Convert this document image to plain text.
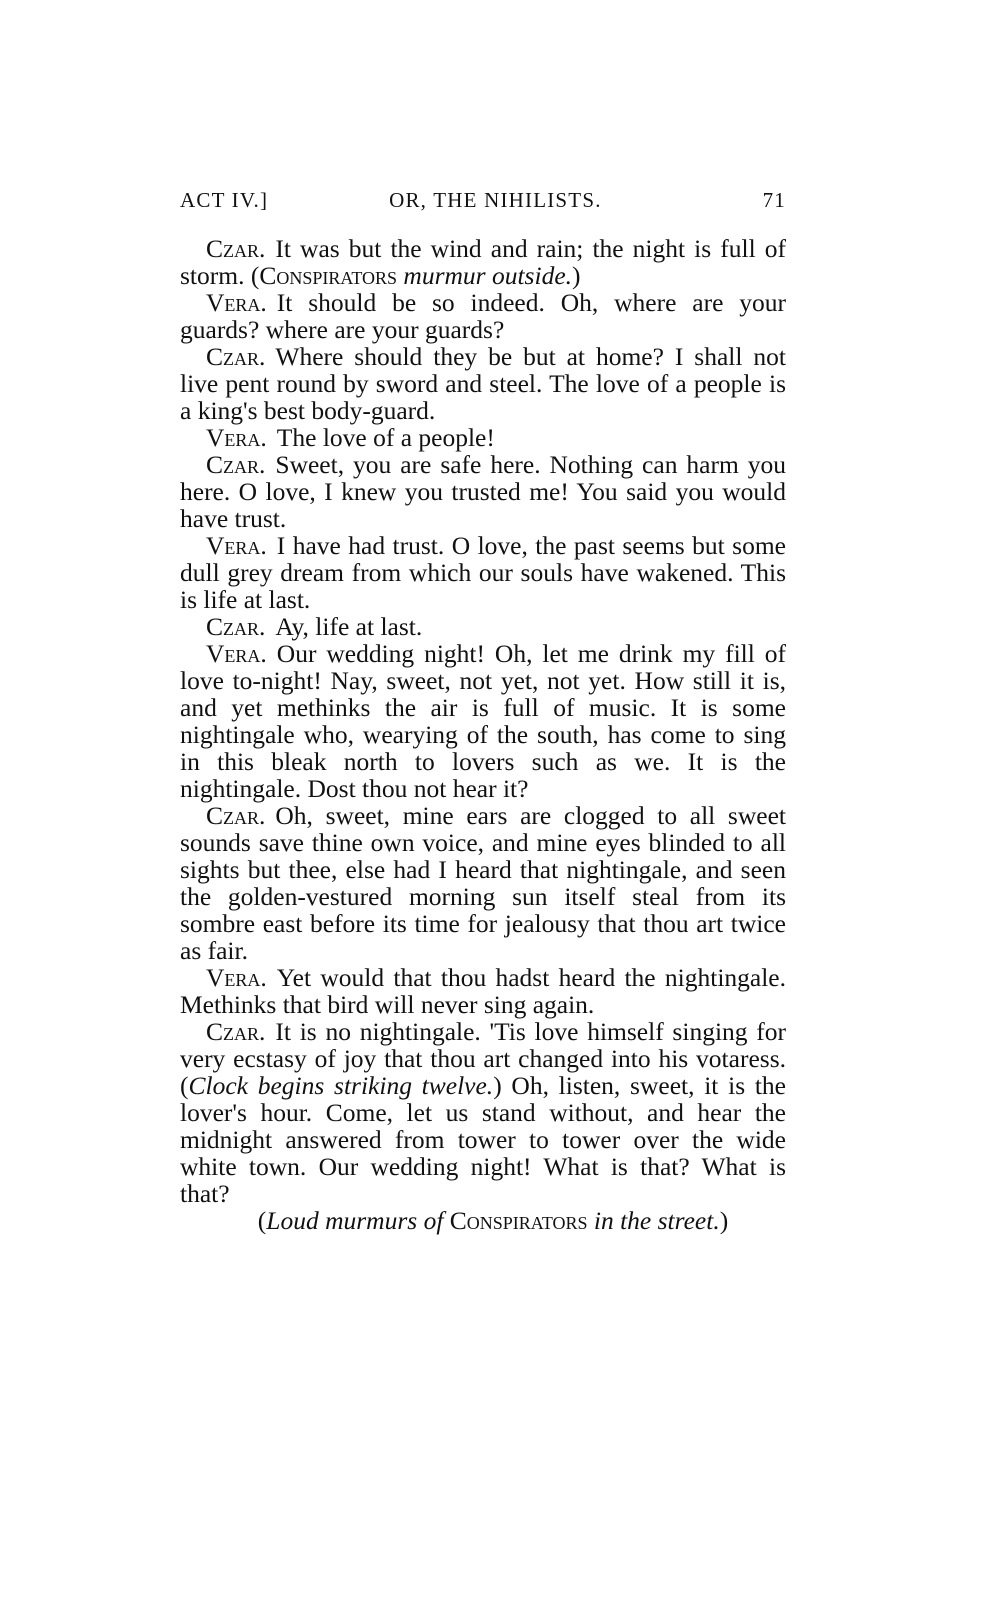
ACT IV.]	OR, THE NIHILISTS.	71

Czar. It was but the wind and rain; the night is full of storm. (Conspirators murmur outside.)

Vera. It should be so indeed. Oh, where are your guards? where are your guards?

Czar. Where should they be but at home? I shall not live pent round by sword and steel. The love of a people is a king's best body-guard.

Vera. The love of a people!

Czar. Sweet, you are safe here. Nothing can harm you here. O love, I knew you trusted me! You said you would have trust.

Vera. I have had trust. O love, the past seems but some dull grey dream from which our souls have wakened. This is life at last.

Czar. Ay, life at last.

Vera. Our wedding night! Oh, let me drink my fill of love to-night! Nay, sweet, not yet, not yet. How still it is, and yet methinks the air is full of music. It is some nightingale who, wearying of the south, has come to sing in this bleak north to lovers such as we. It is the nightingale. Dost thou not hear it?

Czar. Oh, sweet, mine ears are clogged to all sweet sounds save thine own voice, and mine eyes blinded to all sights but thee, else had I heard that nightingale, and seen the golden-vestured morning sun itself steal from its sombre east before its time for jealousy that thou art twice as fair.

Vera. Yet would that thou hadst heard the nightingale. Methinks that bird will never sing again.

Czar. It is no nightingale. 'Tis love himself singing for very ecstasy of joy that thou art changed into his votaress. (Clock begins striking twelve.) Oh, listen, sweet, it is the lover's hour. Come, let us stand without, and hear the midnight answered from tower to tower over the wide white town. Our wedding night! What is that? What is that?

(Loud murmurs of Conspirators in the street.)
